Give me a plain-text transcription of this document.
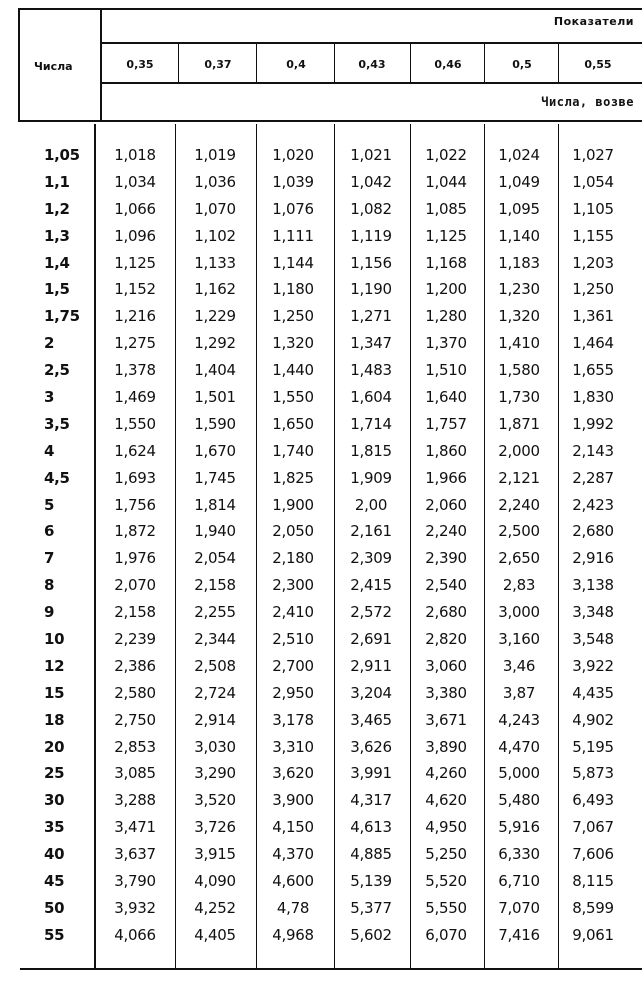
Показатели
Числа
Числа, возве
0,35	0,37	0,4	0,43	0,46	0,5	0,55
1,05	1,018	1,019	1,020	1,021	1,022	1,024	1,027
1,1	1,034	1,036	1,039	1,042	1,044	1,049	1,054
1,2	1,066	1,070	1,076	1,082	1,085	1,095	1,105
1,3	1,096	1,102	1,111	1,119	1,125	1,140	1,155
1,4	1,125	1,133	1,144	1,156	1,168	1,183	1,203
1,5	1,152	1,162	1,180	1,190	1,200	1,230	1,250
1,75	1,216	1,229	1,250	1,271	1,280	1,320	1,361
2	1,275	1,292	1,320	1,347	1,370	1,410	1,464
2,5	1,378	1,404	1,440	1,483	1,510	1,580	1,655
3	1,469	1,501	1,550	1,604	1,640	1,730	1,830
3,5	1,550	1,590	1,650	1,714	1,757	1,871	1,992
4	1,624	1,670	1,740	1,815	1,860	2,000	2,143
4,5	1,693	1,745	1,825	1,909	1,966	2,121	2,287
5	1,756	1,814	1,900	2,00	2,060	2,240	2,423
6	1,872	1,940	2,050	2,161	2,240	2,500	2,680
7	1,976	2,054	2,180	2,309	2,390	2,650	2,916
8	2,070	2,158	2,300	2,415	2,540	2,83	3,138
9	2,158	2,255	2,410	2,572	2,680	3,000	3,348
10	2,239	2,344	2,510	2,691	2,820	3,160	3,548
12	2,386	2,508	2,700	2,911	3,060	3,46	3,922
15	2,580	2,724	2,950	3,204	3,380	3,87	4,435
18	2,750	2,914	3,178	3,465	3,671	4,243	4,902
20	2,853	3,030	3,310	3,626	3,890	4,470	5,195
25	3,085	3,290	3,620	3,991	4,260	5,000	5,873
30	3,288	3,520	3,900	4,317	4,620	5,480	6,493
35	3,471	3,726	4,150	4,613	4,950	5,916	7,067
40	3,637	3,915	4,370	4,885	5,250	6,330	7,606
45	3,790	4,090	4,600	5,139	5,520	6,710	8,115
50	3,932	4,252	4,78	5,377	5,550	7,070	8,599
55	4,066	4,405	4,968	5,602	6,070	7,416	9,061
